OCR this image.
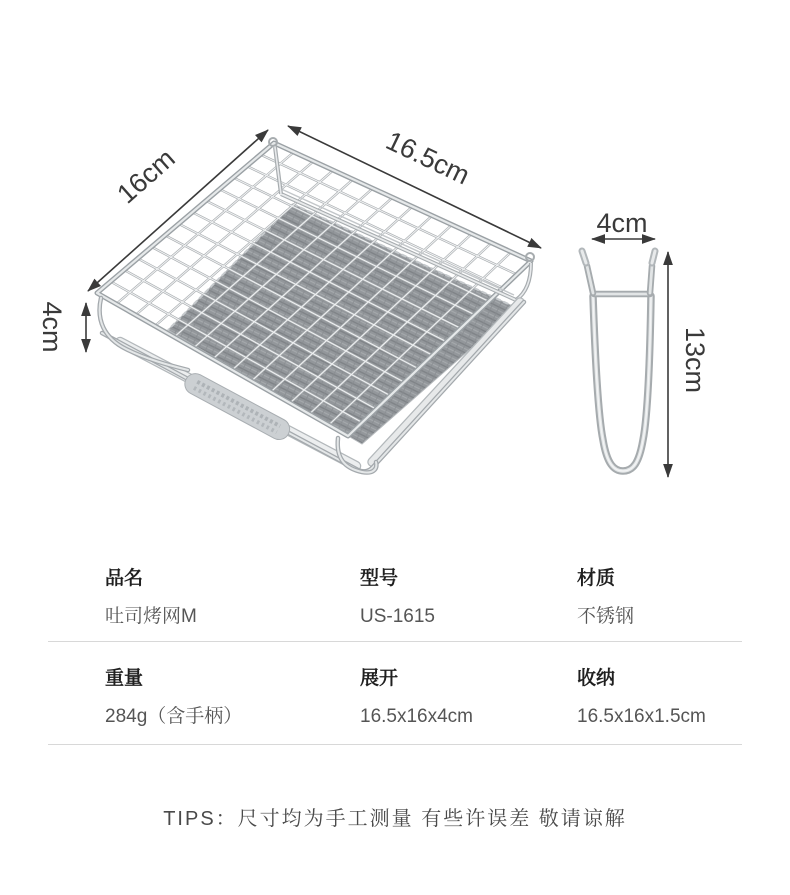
16cm	16.5cm
4cm
4cm
13cm
品名
吐司烤网M
型号
US-1615
材质
不锈钢
重量
284g（含手柄）
展开
16.5x16x4cm
收纳
16.5x16x1.5cm
TIPS：尺寸均为手工测量 有些许误差 敬请谅解
